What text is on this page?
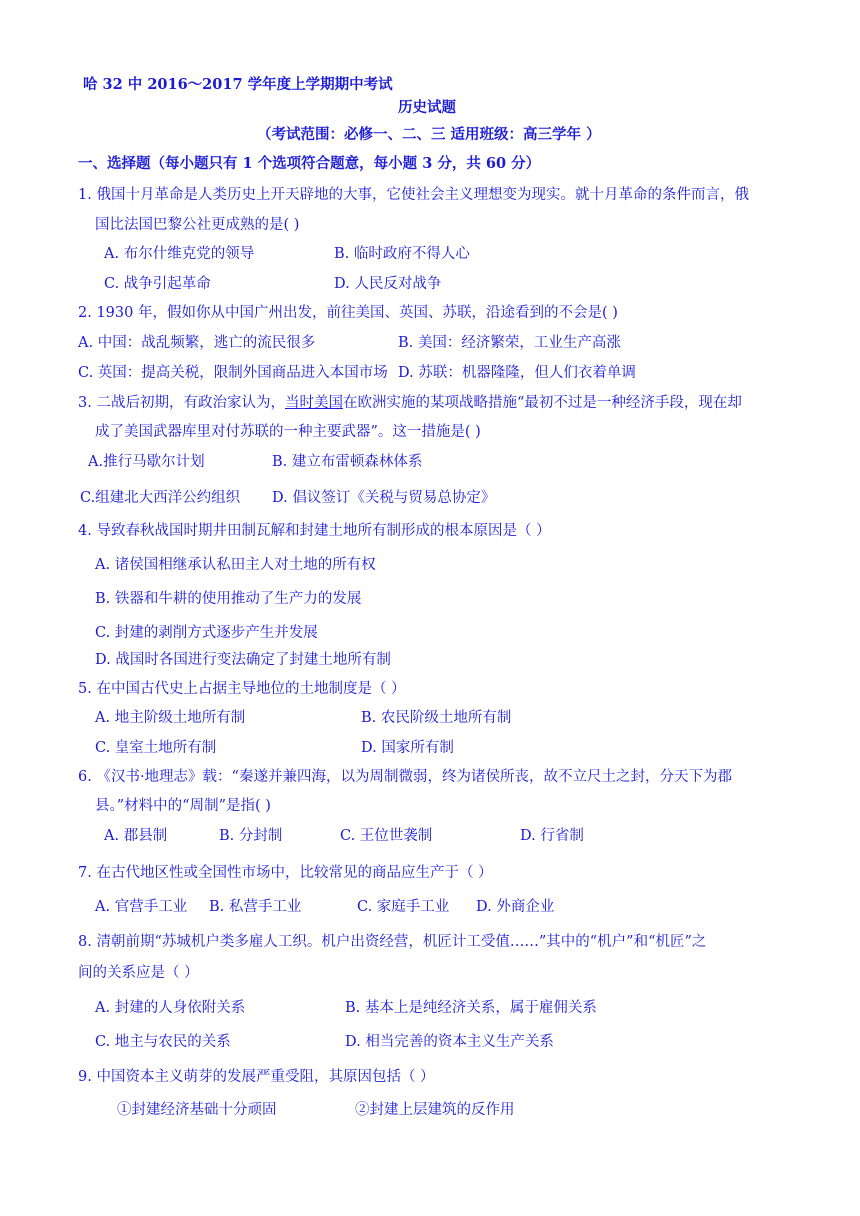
哈 32 中 2016～2017 学年度上学期期中考试
历史试题
（考试范围：必修一、二、三 适用班级：高三学年 ）
一、选择题（每小题只有 1 个选项符合题意，每小题 3 分，共 60 分）
1. 俄国十月革命是人类历史上开天辟地的大事，它使社会主义理想变为现实。就十月革命的条件而言，俄
国比法国巴黎公社更成熟的是( )
A. 布尔什维克党的领导	B. 临时政府不得人心
C. 战争引起革命	D. 人民反对战争
2. 1930 年，假如你从中国广州出发，前往美国、英国、苏联，沿途看到的不会是( )
A. 中国：战乱频繁，逃亡的流民很多	B. 美国：经济繁荣，工业生产高涨
C. 英国：提高关税，限制外国商品进入本国市场 D. 苏联：机器隆隆，但人们衣着单调
3. 二战后初期，有政治家认为，当时美国在欧洲实施的某项战略措施“最初不过是一种经济手段，现在却
成了美国武器库里对付苏联的一种主要武器”。这一措施是( )
A.推行马歇尔计划	B. 建立布雷顿森林体系
C.组建北大西洋公约组织 D. 倡议签订《关税与贸易总协定》
4. 导致春秋战国时期井田制瓦解和封建土地所有制形成的根本原因是（ ）
A. 诸侯国相继承认私田主人对土地的所有权
B. 铁器和牛耕的使用推动了生产力的发展
C. 封建的剥削方式逐步产生并发展
D. 战国时各国进行变法确定了封建土地所有制
5. 在中国古代史上占据主导地位的土地制度是（ ）
A. 地主阶级土地所有制	B. 农民阶级土地所有制
C. 皇室土地所有制	D. 国家所有制
6. 《汉书·地理志》载：“秦遂并兼四海，以为周制微弱，终为诸侯所丧，故不立尺土之封，分天下为郡
县。”材料中的“周制”是指( )
A. 郡县制	B. 分封制	C. 王位世袭制	D. 行省制
7. 在古代地区性或全国性市场中，比较常见的商品应生产于（ ）
A. 官营手工业 B. 私营手工业	C. 家庭手工业 D. 外商企业
8. 清朝前期“苏城机户类多雇人工织。机户出资经营，机匠计工受值……”其中的“机户”和“机匠”之
间的关系应是（ ）
A. 封建的人身依附关系	B. 基本上是纯经济关系，属于雇佣关系
C. 地主与农民的关系	D. 相当完善的资本主义生产关系
9. 中国资本主义萌芽的发展严重受阻，其原因包括（ ）
①封建经济基础十分顽固	②封建上层建筑的反作用
